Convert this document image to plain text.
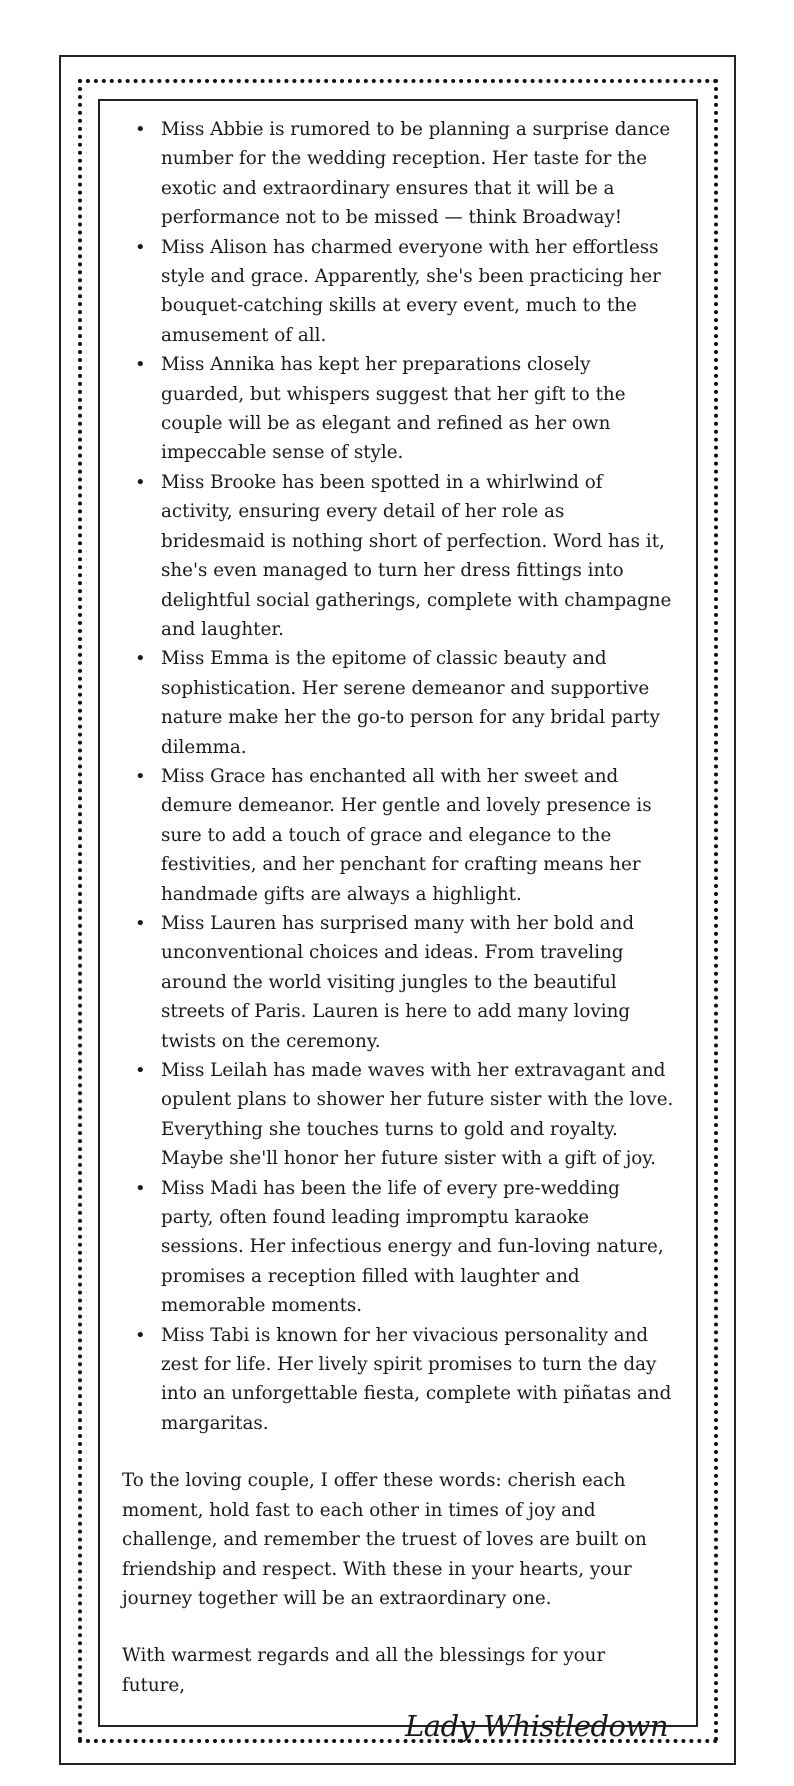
• Miss Abbie is rumored to be planning a surprise dance number for the wedding reception. Her taste for the exotic and extraordinary ensures that it will be a performance not to be missed — think Broadway!
• Miss Alison has charmed everyone with her effortless style and grace. Apparently, she's been practicing her bouquet-catching skills at every event, much to the amusement of all.
• Miss Annika has kept her preparations closely guarded, but whispers suggest that her gift to the couple will be as elegant and refined as her own impeccable sense of style.
• Miss Brooke has been spotted in a whirlwind of activity, ensuring every detail of her role as bridesmaid is nothing short of perfection. Word has it, she's even managed to turn her dress fittings into delightful social gatherings, complete with champagne and laughter.
• Miss Emma is the epitome of classic beauty and sophistication. Her serene demeanor and supportive nature make her the go-to person for any bridal party dilemma.
• Miss Grace has enchanted all with her sweet and demure demeanor. Her gentle and lovely presence is sure to add a touch of grace and elegance to the festivities, and her penchant for crafting means her handmade gifts are always a highlight.
• Miss Lauren has surprised many with her bold and unconventional choices and ideas. From traveling around the world visiting jungles to the beautiful streets of Paris. Lauren is here to add many loving twists on the ceremony.
• Miss Leilah has made waves with her extravagant and opulent plans to shower her future sister with the love. Everything she touches turns to gold and royalty. Maybe she'll honor her future sister with a gift of joy.
• Miss Madi has been the life of every pre-wedding party, often found leading impromptu karaoke sessions. Her infectious energy and fun-loving nature, promises a reception filled with laughter and memorable moments.
• Miss Tabi is known for her vivacious personality and zest for life. Her lively spirit promises to turn the day into an unforgettable fiesta, complete with piñatas and margaritas.

To the loving couple, I offer these words: cherish each moment, hold fast to each other in times of joy and challenge, and remember the truest of loves are built on friendship and respect. With these in your hearts, your journey together will be an extraordinary one.

With warmest regards and all the blessings for your future,

Lady Whistledown
